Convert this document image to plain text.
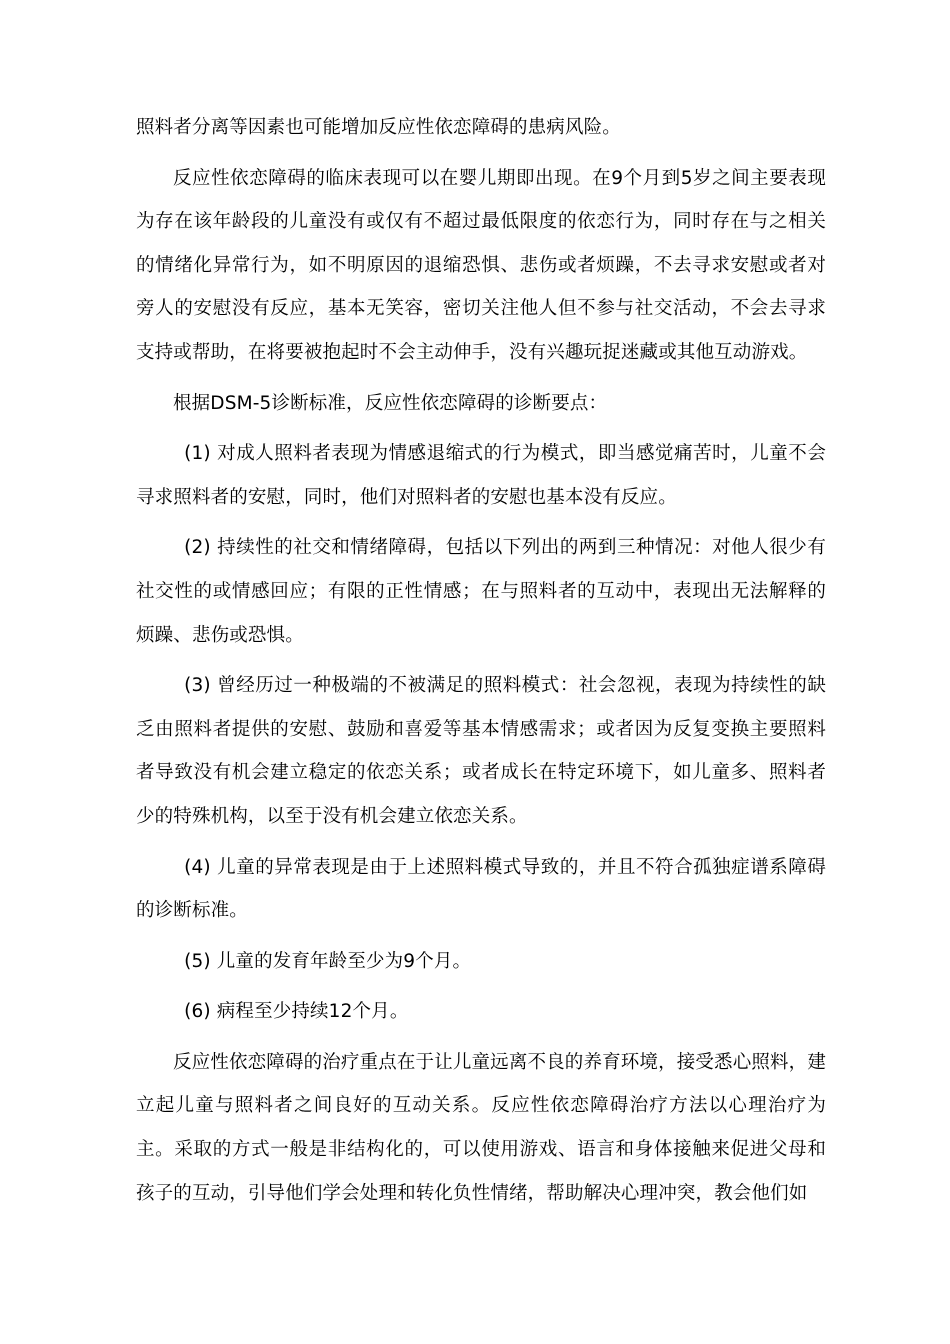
照料者分离等因素也可能增加反应性依恋障碍的患病风险。

反应性依恋障碍的临床表现可以在婴儿期即出现。在9个月到5岁之间主要表现为存在该年龄段的儿童没有或仅有不超过最低限度的依恋行为，同时存在与之相关的情绪化异常行为，如不明原因的退缩恐惧、悲伤或者烦躁，不去寻求安慰或者对旁人的安慰没有反应，基本无笑容，密切关注他人但不参与社交活动，不会去寻求支持或帮助，在将要被抱起时不会主动伸手，没有兴趣玩捉迷藏或其他互动游戏。

根据DSM-5诊断标准，反应性依恋障碍的诊断要点：

(1) 对成人照料者表现为情感退缩式的行为模式，即当感觉痛苦时，儿童不会寻求照料者的安慰，同时，他们对照料者的安慰也基本没有反应。

(2) 持续性的社交和情绪障碍，包括以下列出的两到三种情况：对他人很少有社交性的或情感回应；有限的正性情感；在与照料者的互动中，表现出无法解释的烦躁、悲伤或恐惧。

(3) 曾经历过一种极端的不被满足的照料模式：社会忽视，表现为持续性的缺乏由照料者提供的安慰、鼓励和喜爱等基本情感需求；或者因为反复变换主要照料者导致没有机会建立稳定的依恋关系；或者成长在特定环境下，如儿童多、照料者少的特殊机构，以至于没有机会建立依恋关系。

(4) 儿童的异常表现是由于上述照料模式导致的，并且不符合孤独症谱系障碍的诊断标准。

(5) 儿童的发育年龄至少为9个月。

(6) 病程至少持续12个月。

反应性依恋障碍的治疗重点在于让儿童远离不良的养育环境，接受悉心照料，建立起儿童与照料者之间良好的互动关系。反应性依恋障碍治疗方法以心理治疗为主。采取的方式一般是非结构化的，可以使用游戏、语言和身体接触来促进父母和孩子的互动，引导他们学会处理和转化负性情绪，帮助解决心理冲突，教会他们如
